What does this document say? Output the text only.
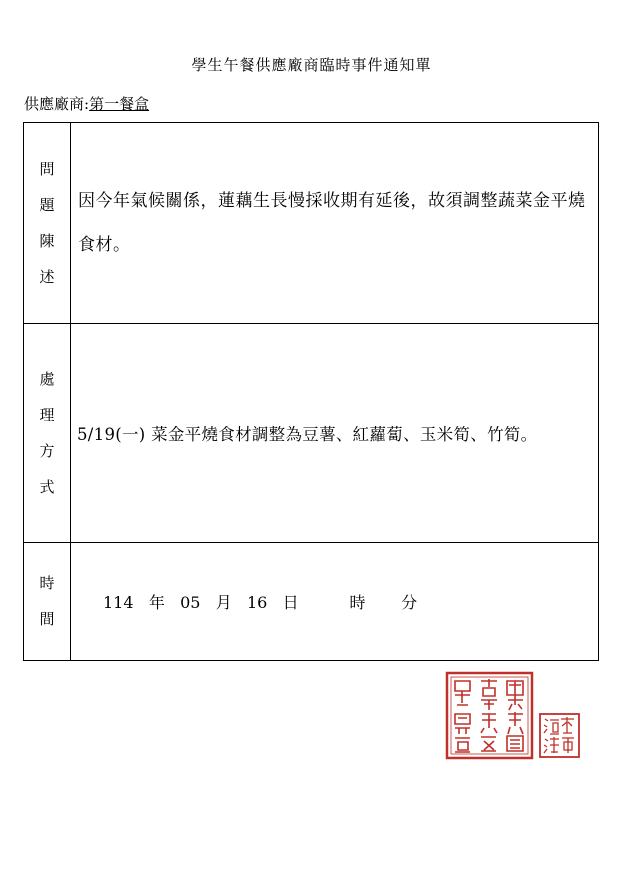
學生午餐供應廠商臨時事件通知單
供應廠商:第一餐盒
問
題
陳
述	因今年氣候關係，蓮藕生長慢採收期有延後，故須調整蔬菜金平燒食材。

處
理
方
式	5/19(一) 菜金平燒食材調整為豆薯、紅蘿蔔、玉米筍、竹筍。

時
間	114 年 05 月 16 日 時 分
